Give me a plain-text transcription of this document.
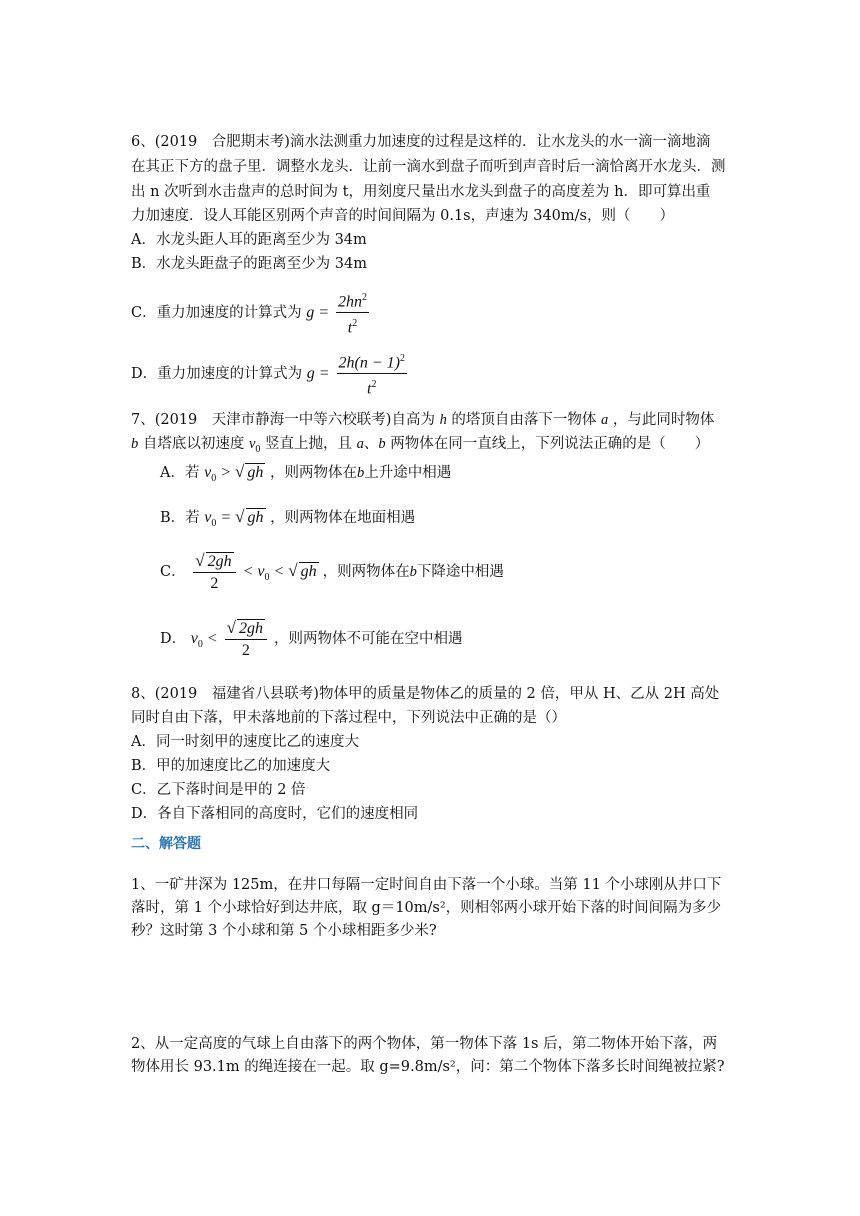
6、(2019　合肥期末考)滴水法测重力加速度的过程是这样的．让水龙头的水一滴一滴地滴
在其正下方的盘子里．调整水龙头．让前一滴水到盘子而听到声音时后一滴恰离开水龙头．测
出 n 次听到水击盘声的总时间为 t，用刻度尺量出水龙头到盘子的高度差为 h．即可算出重
力加速度．设人耳能区别两个声音的时间间隔为 0.1s，声速为 340m/s，则（　　）
A．水龙头距人耳的距离至少为 34m
B．水龙头距盘子的距离至少为 34m
C．重力加速度的计算式为 $g = \frac{2hn^2}{t^2}$
D．重力加速度的计算式为 $g = \frac{2h(n - 1)^2}{t^2}$
7、(2019　天津市静海一中等六校联考)自高为 h 的塔顶自由落下一物体 a ，与此同时物体
b 自塔底以初速度 $v_0$ 竖直上抛，且 a、b 两物体在同一直线上，下列说法正确的是（　　）
A．若 $v_0$ > √ gh ，则两物体在b上升途中相遇
B．若 $v_0$ = √ gh ，则两物体在地面相遇
C． $\frac{√ 2gh}{2} < v_0$ < √ gh ，则两物体在b下降途中相遇
D． $v_0 < \frac{√ 2gh}{2}$ ，则两物体不可能在空中相遇
8、(2019　福建省八县联考)物体甲的质量是物体乙的质量的 2 倍，甲从 H、乙从 2H 高处
同时自由下落，甲未落地前的下落过程中，下列说法中正确的是（）
A．同一时刻甲的速度比乙的速度大
B．甲的加速度比乙的加速度大
C．乙下落时间是甲的 2 倍
D．各自下落相同的高度时，它们的速度相同
二、解答题
1、一矿井深为 125m，在井口每隔一定时间自由下落一个小球。当第 11 个小球刚从井口下
落时，第 1 个小球恰好到达井底，取 g＝10m/s²，则相邻两小球开始下落的时间间隔为多少
秒？这时第 3 个小球和第 5 个小球相距多少米?
2、从一定高度的气球上自由落下的两个物体，第一物体下落 1s 后，第二物体开始下落，两
物体用长 93.1m 的绳连接在一起。取 g=9.8m/s²，问：第二个物体下落多长时间绳被拉紧?
